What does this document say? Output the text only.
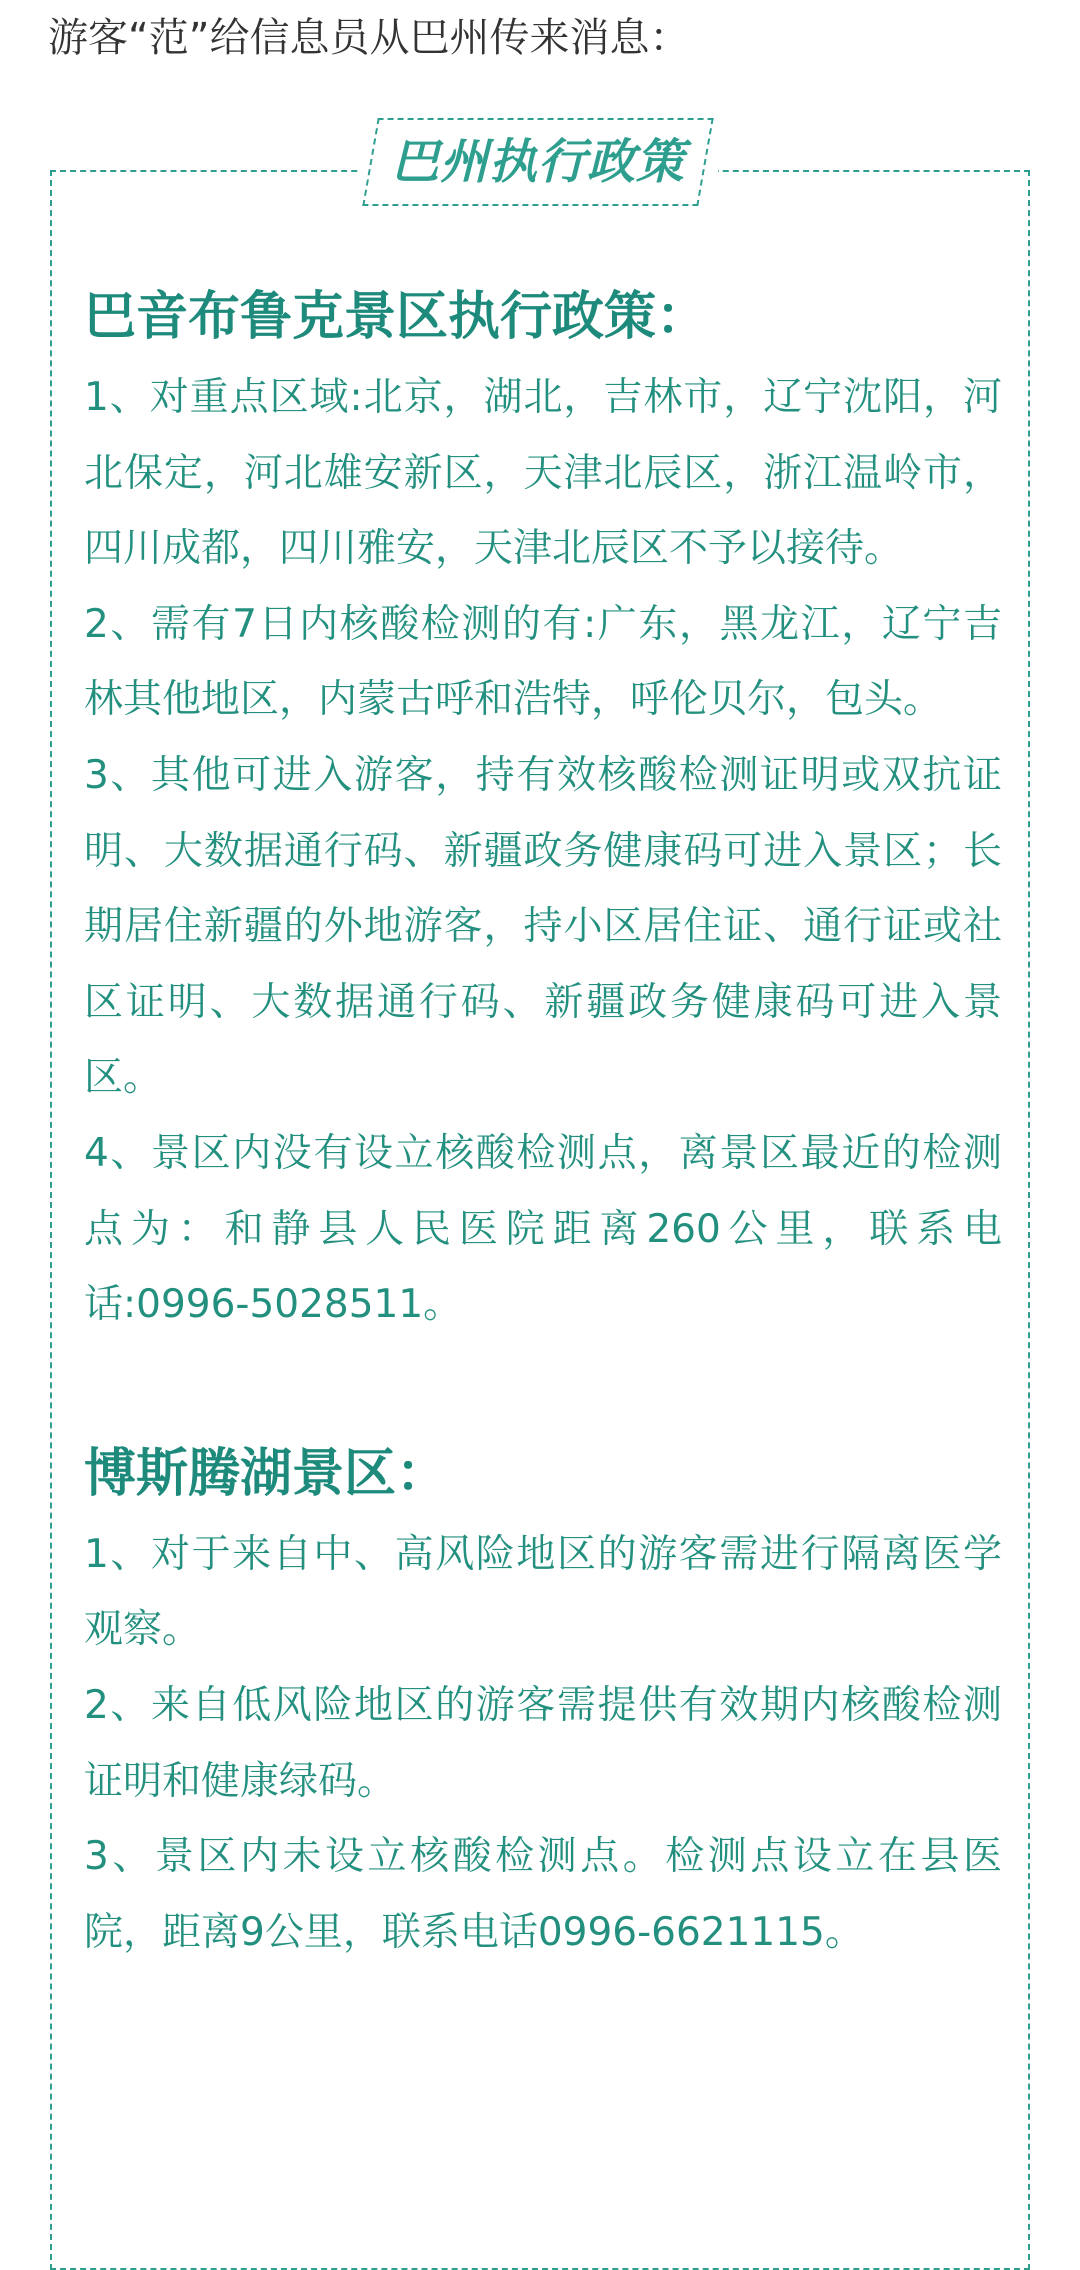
游客“范”给信息员从巴州传来消息：
巴州执行政策
巴音布鲁克景区执行政策：

1、对重点区域:北京，湖北，吉林市，辽宁沈阳，河北保定，河北雄安新区，天津北辰区，浙江温岭市，四川成都，四川雅安，天津北辰区不予以接待。

2、需有7日内核酸检测的有:广东，黑龙江，辽宁吉林其他地区，内蒙古呼和浩特，呼伦贝尔，包头。

3、其他可进入游客，持有效核酸检测证明或双抗证明、大数据通行码、新疆政务健康码可进入景区；长期居住新疆的外地游客，持小区居住证、通行证或社区证明、大数据通行码、新疆政务健康码可进入景区。

4、景区内没有设立核酸检测点，离景区最近的检测点为：和静县人民医院距离260公里，联系电话:0996-5028511。

博斯腾湖景区：

1、对于来自中、高风险地区的游客需进行隔离医学观察。

2、来自低风险地区的游客需提供有效期内核酸检测证明和健康绿码。

3、景区内未设立核酸检测点。检测点设立在县医院，距离9公里，联系电话0996-6621115。
